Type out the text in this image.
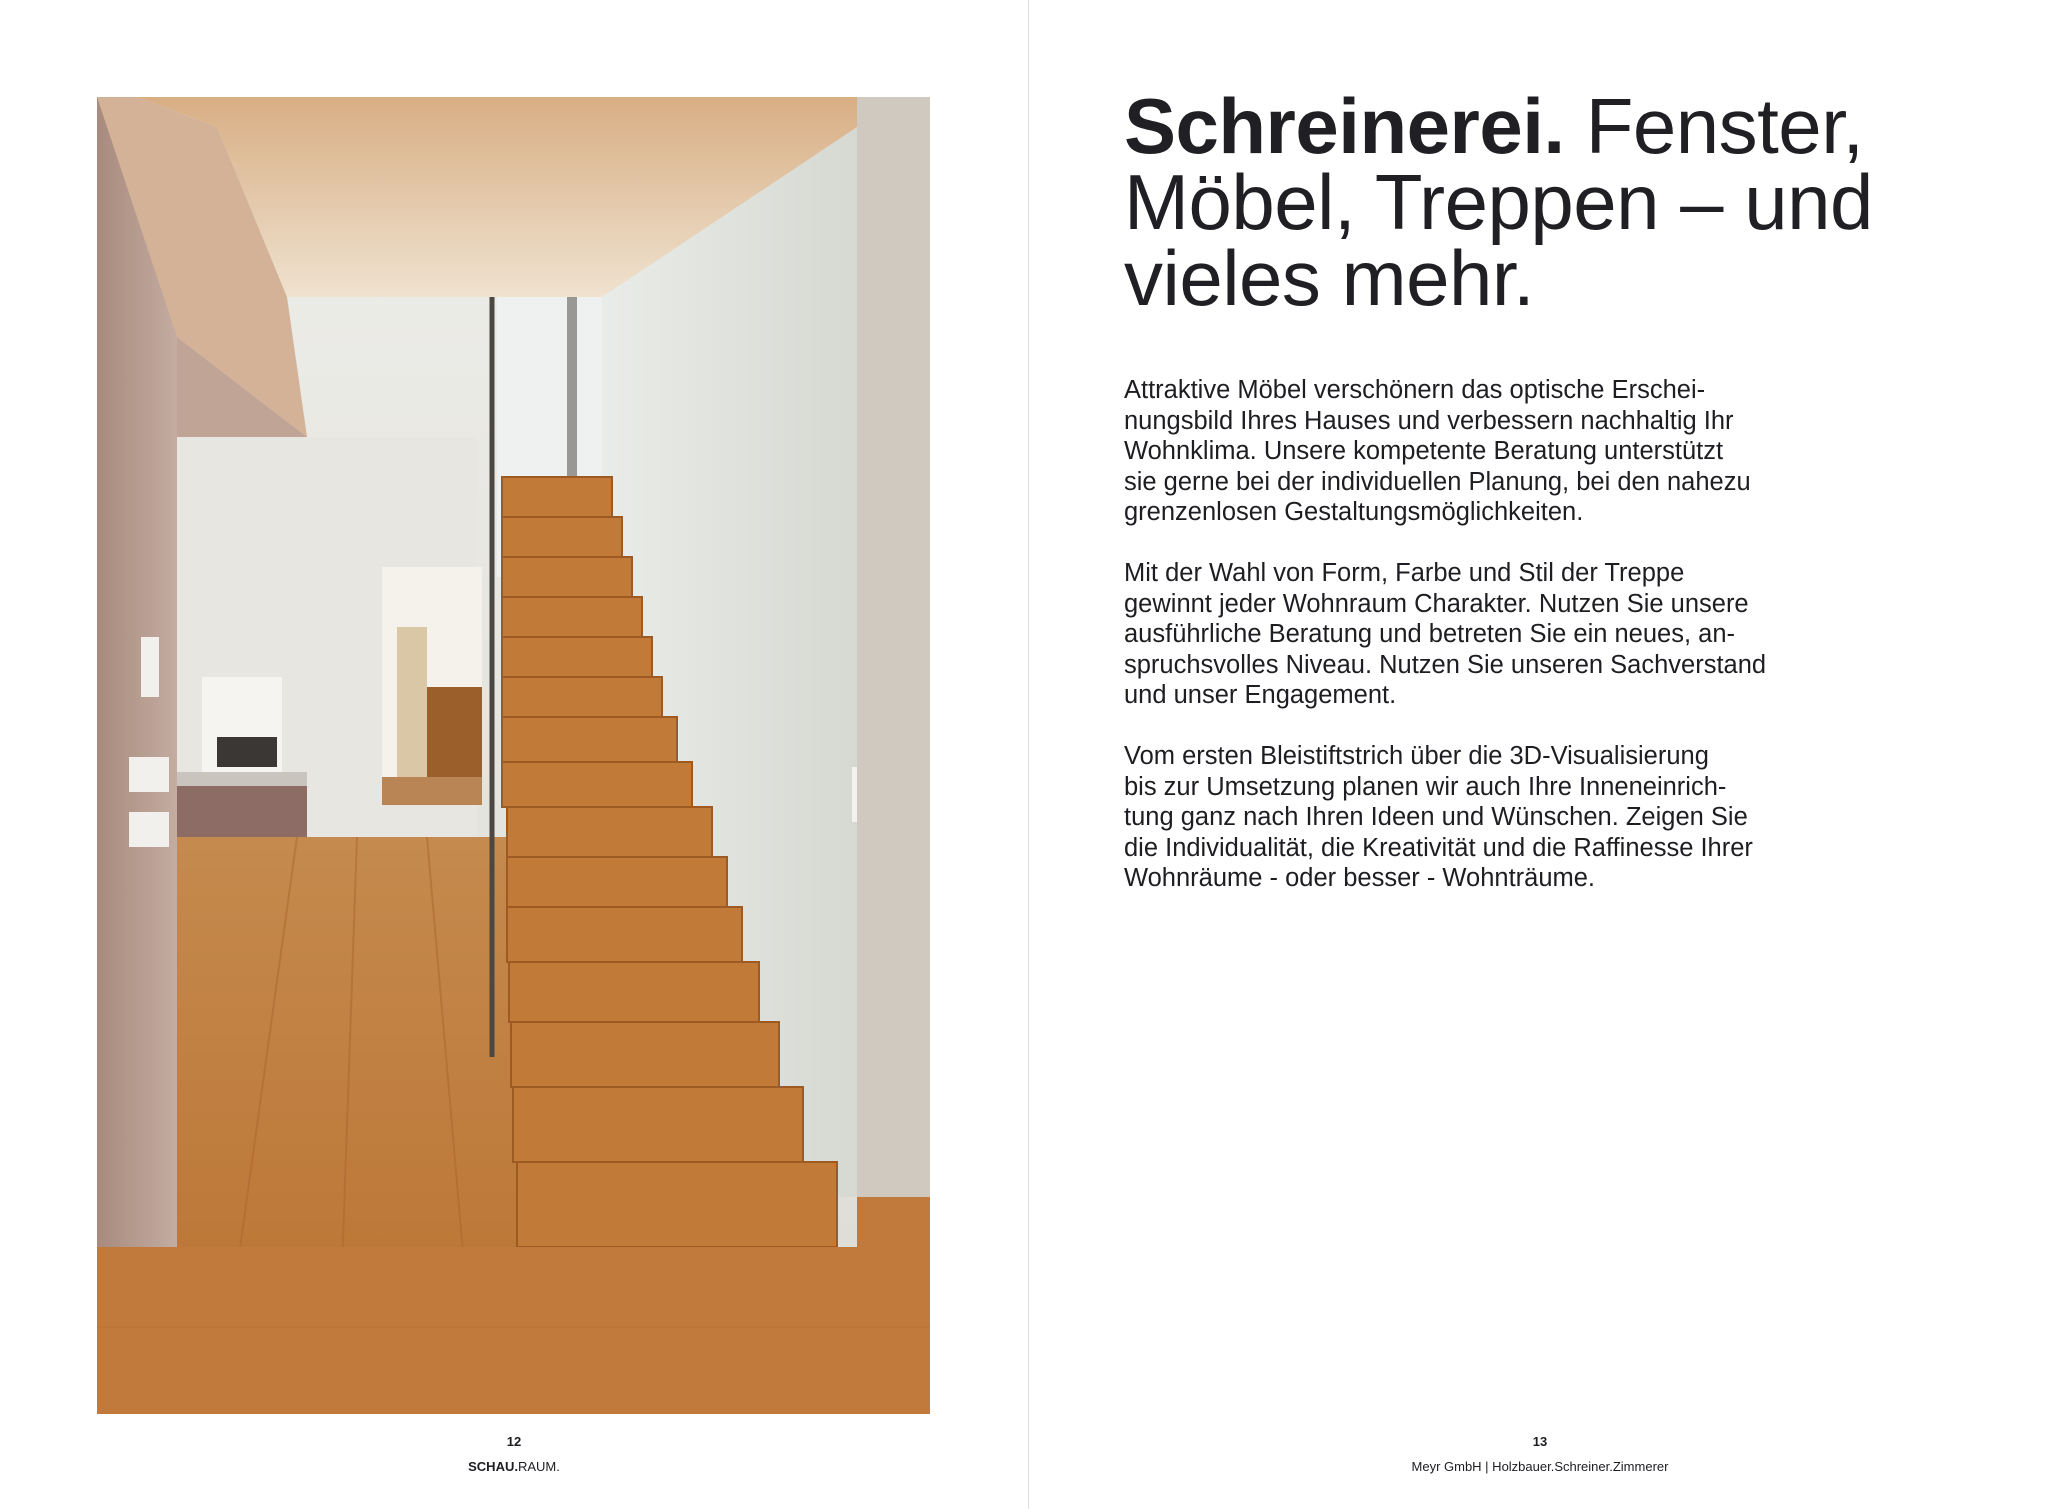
Schreinerei. Fenster,
Möbel, Treppen – und
vieles mehr.

Attraktive Möbel verschönern das optische Erschei-
nungsbild Ihres Hauses und verbessern nachhaltig Ihr
Wohnklima. Unsere kompetente Beratung unterstützt
sie gerne bei der individuellen Planung, bei den nahezu
grenzenlosen Gestaltungsmöglichkeiten.

Mit der Wahl von Form, Farbe und Stil der Treppe
gewinnt jeder Wohnraum Charakter. Nutzen Sie unsere
ausführliche Beratung und betreten Sie ein neues, an-
spruchsvolles Niveau. Nutzen Sie unseren Sachverstand
und unser Engagement.

Vom ersten Bleistiftstrich über die 3D-Visualisierung
bis zur Umsetzung planen wir auch Ihre Inneneinrich-
tung ganz nach Ihren Ideen und Wünschen. Zeigen Sie
die Individualität, die Kreativität und die Raffinesse Ihrer
Wohnräume - oder besser - Wohnträume.

12
SCHAU.RAUM.
13
Meyr GmbH | Holzbauer.Schreiner.Zimmerer
